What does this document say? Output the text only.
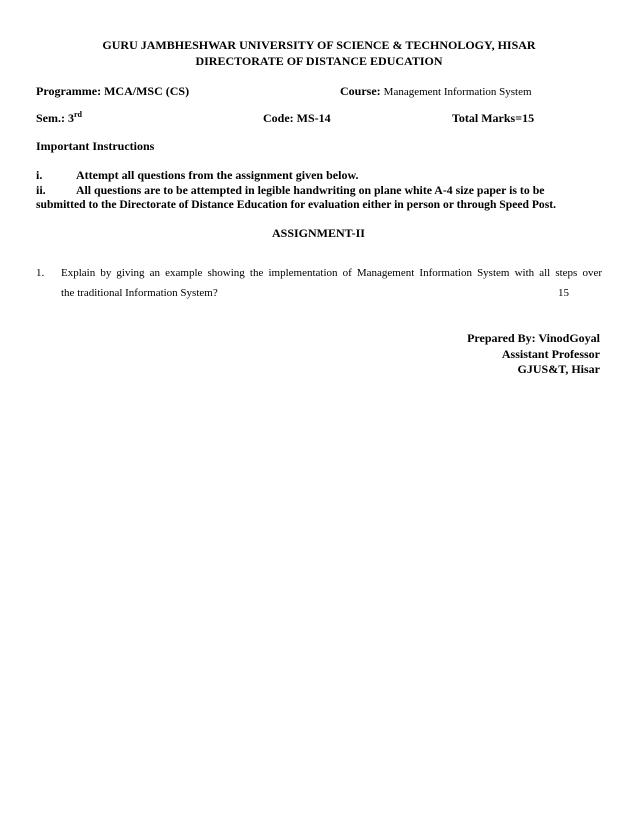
GURU JAMBHESHWAR UNIVERSITY OF SCIENCE & TECHNOLOGY, HISAR
DIRECTORATE OF DISTANCE EDUCATION
Programme: MCA/MSC (CS)	Course: Management Information System
Sem.: 3rd	Code: MS-14	Total Marks=15
Important Instructions
i.	Attempt all questions from the assignment given below.
ii.	All questions are to be attempted in legible handwriting on plane white A-4 size paper is to be
submitted to the Directorate of Distance Education for evaluation either in person or through Speed Post.
ASSIGNMENT-II
1. Explain by giving an example showing the implementation of Management Information System with all steps over
the traditional Information System?	15
Prepared By: VinodGoyal
Assistant Professor
GJUS&T, Hisar
